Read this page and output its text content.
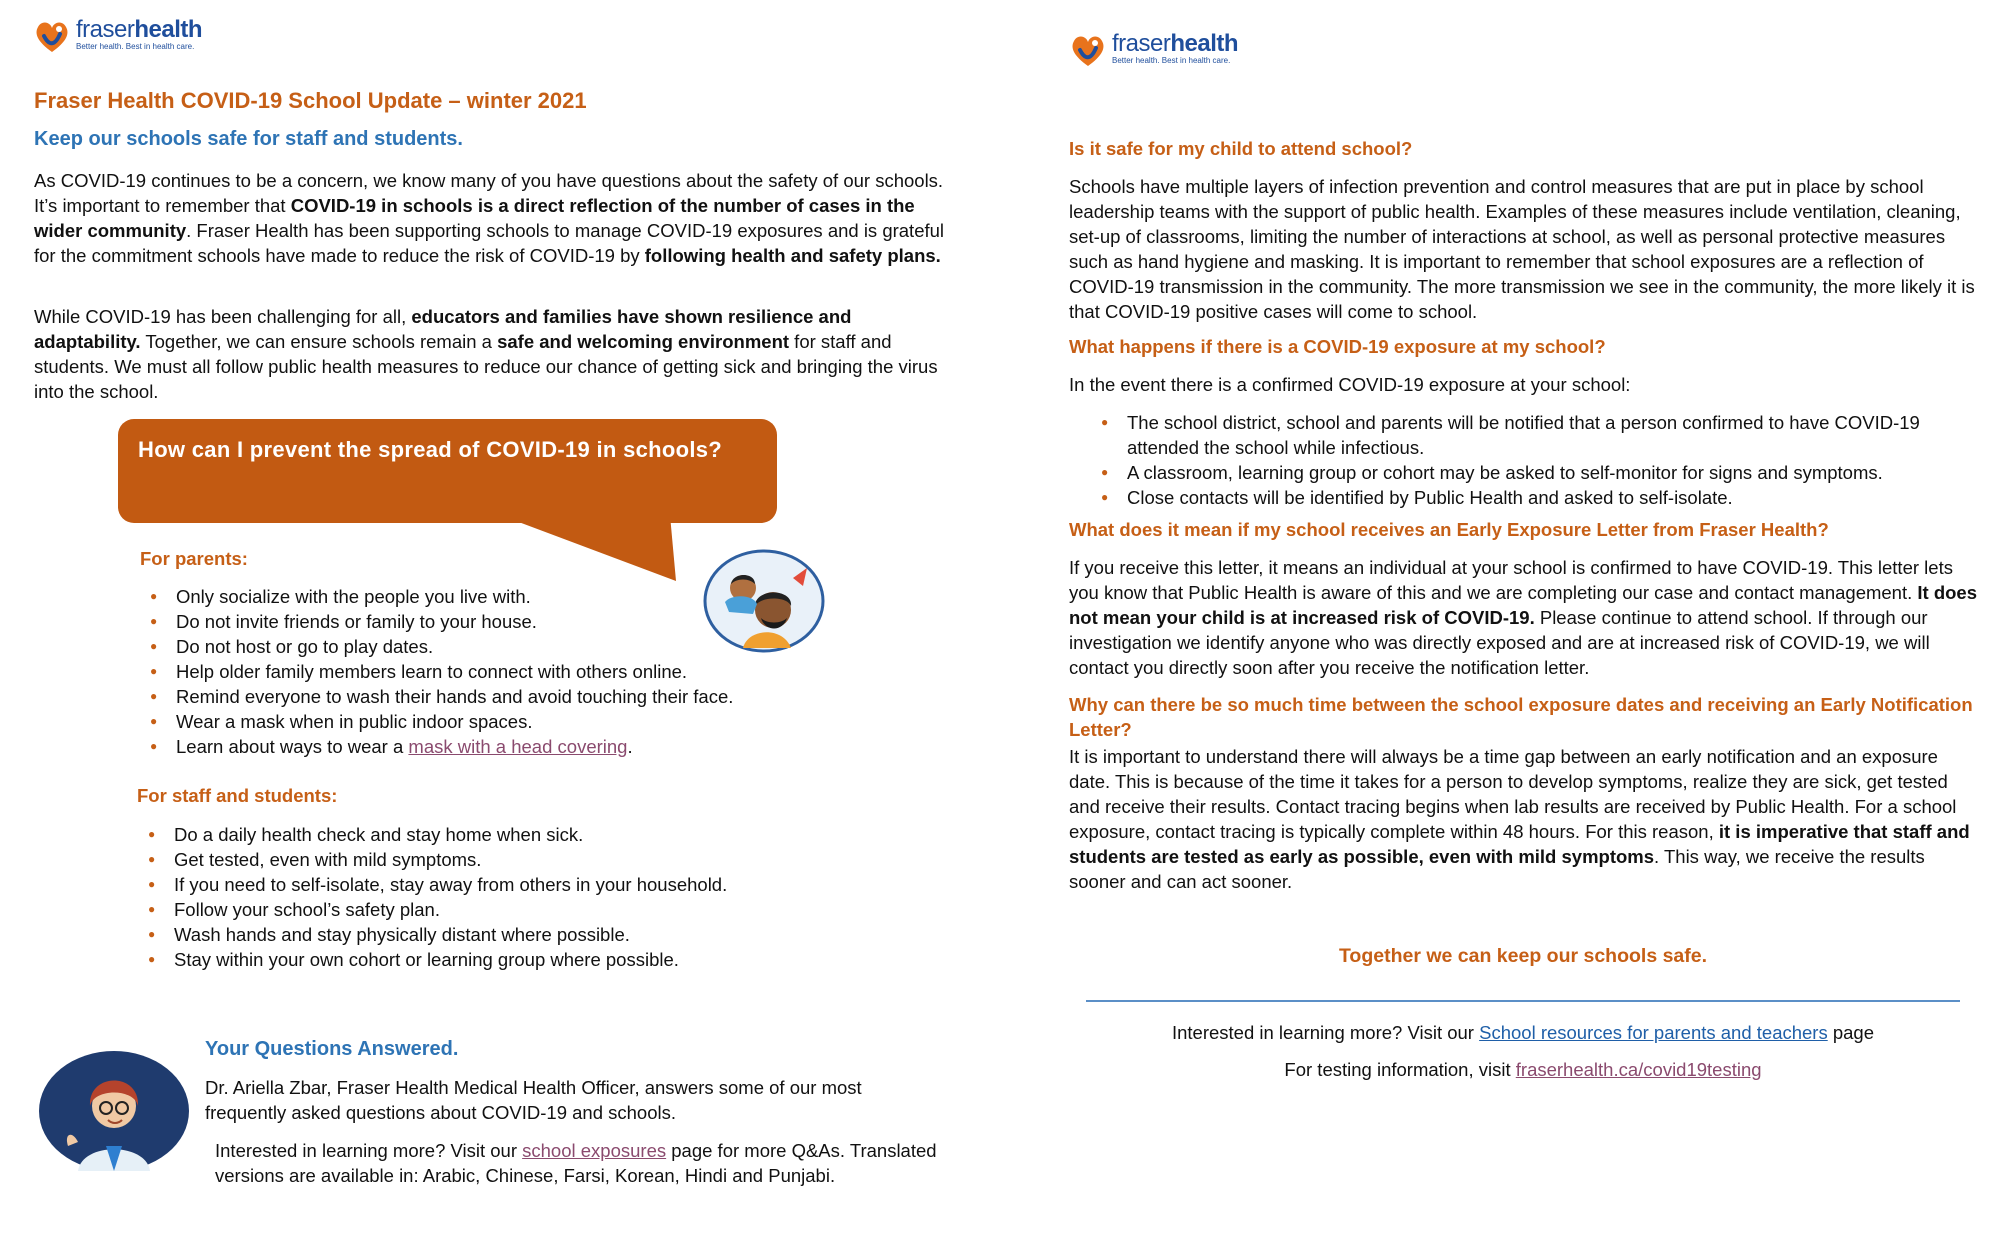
fraserhealth
Better health. Best in health care.
Fraser Health COVID-19 School Update – winter 2021
Keep our schools safe for staff and students.

As COVID-19 continues to be a concern, we know many of you have questions about the safety of our schools. It’s important to remember that COVID-19 in schools is a direct reflection of the number of cases in the wider community. Fraser Health has been supporting schools to manage COVID-19 exposures and is grateful for the commitment schools have made to reduce the risk of COVID-19 by following health and safety plans.

While COVID-19 has been challenging for all, educators and families have shown resilience and adaptability. Together, we can ensure schools remain a safe and welcoming environment for staff and students. We must all follow public health measures to reduce our chance of getting sick and bringing the virus into the school.

How can I prevent the spread of COVID-19 in schools?
For parents:
● Only socialize with the people you live with.
● Do not invite friends or family to your house.
● Do not host or go to play dates.
● Help older family members learn to connect with others online.
● Remind everyone to wash their hands and avoid touching their face.
● Wear a mask when in public indoor spaces.
● Learn about ways to wear a mask with a head covering.
For staff and students:
● Do a daily health check and stay home when sick.
● Get tested, even with mild symptoms.
● If you need to self-isolate, stay away from others in your household.
● Follow your school’s safety plan.
● Wash hands and stay physically distant where possible.
● Stay within your own cohort or learning group where possible.
Your Questions Answered.

Dr. Ariella Zbar, Fraser Health Medical Health Officer, answers some of our most frequently asked questions about COVID-19 and schools.

Interested in learning more? Visit our school exposures page for more Q&As. Translated versions are available in: Arabic, Chinese, Farsi, Korean, Hindi and Punjabi.

fraserhealth
Better health. Best in health care.
Is it safe for my child to attend school?

Schools have multiple layers of infection prevention and control measures that are put in place by school leadership teams with the support of public health. Examples of these measures include ventilation, cleaning, set-up of classrooms, limiting the number of interactions at school, as well as personal protective measures such as hand hygiene and masking. It is important to remember that school exposures are a reflection of COVID-19 transmission in the community. The more transmission we see in the community, the more likely it is that COVID-19 positive cases will come to school.

What happens if there is a COVID-19 exposure at my school?

In the event there is a confirmed COVID-19 exposure at your school:

● The school district, school and parents will be notified that a person confirmed to have COVID-19 attended the school while infectious.
● A classroom, learning group or cohort may be asked to self-monitor for signs and symptoms.
● Close contacts will be identified by Public Health and asked to self-isolate.
What does it mean if my school receives an Early Exposure Letter from Fraser Health?

If you receive this letter, it means an individual at your school is confirmed to have COVID-19. This letter lets you know that Public Health is aware of this and we are completing our case and contact management. It does not mean your child is at increased risk of COVID-19. Please continue to attend school. If through our investigation we identify anyone who was directly exposed and are at increased risk of COVID-19, we will contact you directly soon after you receive the notification letter.

Why can there be so much time between the school exposure dates and receiving an Early Notification Letter?

It is important to understand there will always be a time gap between an early notification and an exposure date. This is because of the time it takes for a person to develop symptoms, realize they are sick, get tested and receive their results. Contact tracing begins when lab results are received by Public Health. For a school exposure, contact tracing is typically complete within 48 hours. For this reason, it is imperative that staff and students are tested as early as possible, even with mild symptoms. This way, we receive the results sooner and can act sooner.

Together we can keep our schools safe.

Interested in learning more? Visit our School resources for parents and teachers page

For testing information, visit fraserhealth.ca/covid19testing
